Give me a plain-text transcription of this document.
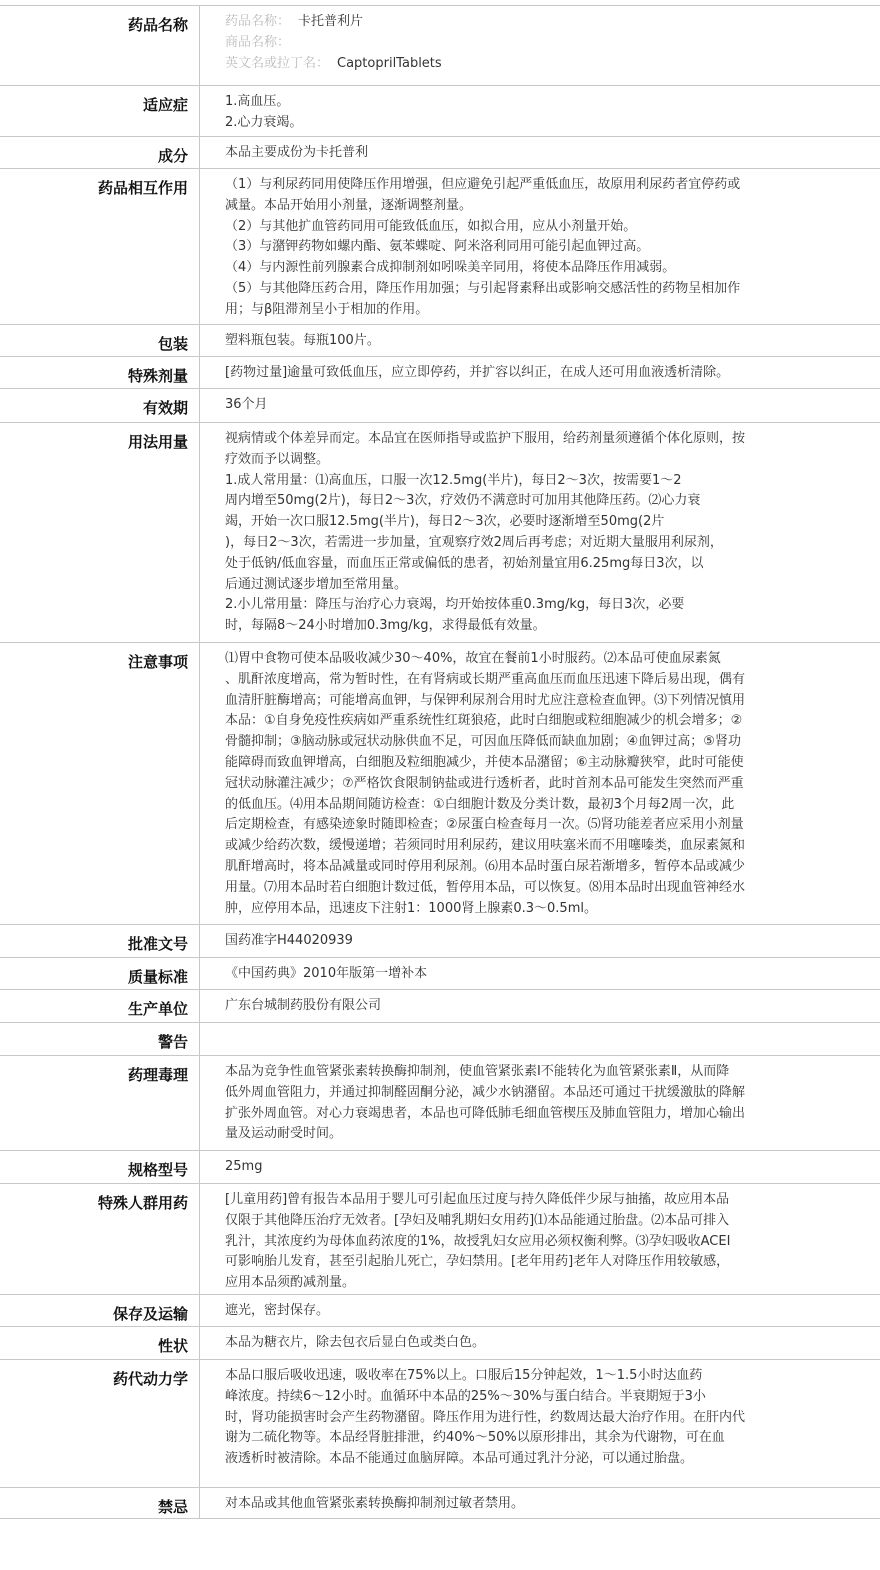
药品名称	药品名称： 卡托普利片

商品名称：

英文名或拉丁名： CaptoprilTablets

适应症	1.高血压。

2.心力衰竭。

成分	本品主要成份为卡托普利

药品相互作用	（1）与利尿药同用使降压作用增强，但应避免引起严重低血压，故原用利尿药者宜停药或

减量。本品开始用小剂量，逐渐调整剂量。

（2）与其他扩血管药同用可能致低血压，如拟合用，应从小剂量开始。

（3）与潴钾药物如螺内酯、氨苯蝶啶、阿米洛利同用可能引起血钾过高。

（4）与内源性前列腺素合成抑制剂如吲哚美辛同用，将使本品降压作用减弱。

（5）与其他降压药合用，降压作用加强；与引起肾素释出或影响交感活性的药物呈相加作

用；与β阻滞剂呈小于相加的作用。

包装	塑料瓶包装。每瓶100片。

特殊剂量	[药物过量]逾量可致低血压，应立即停药，并扩容以纠正，在成人还可用血液透析清除。

有效期	36个月

用法用量	视病情或个体差异而定。本品宜在医师指导或监护下服用，给药剂量须遵循个体化原则，按

疗效而予以调整。

1.成人常用量：⑴高血压，口服一次12.5mg(半片)，每日2～3次，按需要1～2

周内增至50mg(2片)，每日2～3次，疗效仍不满意时可加用其他降压药。⑵心力衰

竭，开始一次口服12.5mg(半片)，每日2～3次，必要时逐渐增至50mg(2片

)，每日2～3次，若需进一步加量，宜观察疗效2周后再考虑；对近期大量服用利尿剂，

处于低钠/低血容量，而血压正常或偏低的患者，初始剂量宜用6.25mg每日3次，以

后通过测试逐步增加至常用量。

2.小儿常用量：降压与治疗心力衰竭，均开始按体重0.3mg/kg，每日3次，必要

时，每隔8～24小时增加0.3mg/kg，求得最低有效量。

注意事项	⑴胃中食物可使本品吸收减少30～40%，故宜在餐前1小时服药。⑵本品可使血尿素氮

、肌酐浓度增高，常为暂时性，在有肾病或长期严重高血压而血压迅速下降后易出现，偶有

血清肝脏酶增高；可能增高血钾，与保钾利尿剂合用时尤应注意检查血钾。⑶下列情况慎用

本品：①自身免疫性疾病如严重系统性红斑狼疮，此时白细胞或粒细胞减少的机会增多；②

骨髓抑制；③脑动脉或冠状动脉供血不足，可因血压降低而缺血加剧；④血钾过高；⑤肾功

能障碍而致血钾增高，白细胞及粒细胞减少，并使本品潴留；⑥主动脉瓣狭窄，此时可能使

冠状动脉灌注减少；⑦严格饮食限制钠盐或进行透析者，此时首剂本品可能发生突然而严重

的低血压。⑷用本品期间随访检查：①白细胞计数及分类计数，最初3个月每2周一次，此

后定期检查，有感染迹象时随即检查；②尿蛋白检查每月一次。⑸肾功能差者应采用小剂量

或减少给药次数，缓慢递增；若须同时用利尿药，建议用呋塞米而不用噻嗪类，血尿素氮和

肌酐增高时，将本品减量或同时停用利尿剂。⑹用本品时蛋白尿若渐增多，暂停本品或减少

用量。⑺用本品时若白细胞计数过低，暂停用本品，可以恢复。⑻用本品时出现血管神经水

肿，应停用本品，迅速皮下注射1：1000肾上腺素0.3～0.5ml。

批准文号	国药准字H44020939

质量标准	《中国药典》2010年版第一增补本

生产单位	广东台城制药股份有限公司

警告
药理毒理	本品为竞争性血管紧张素转换酶抑制剂，使血管紧张素Ⅰ不能转化为血管紧张素Ⅱ，从而降

低外周血管阻力，并通过抑制醛固酮分泌，减少水钠潴留。本品还可通过干扰缓激肽的降解

扩张外周血管。对心力衰竭患者，本品也可降低肺毛细血管楔压及肺血管阻力，增加心输出

量及运动耐受时间。

规格型号	25mg

特殊人群用药	[儿童用药]曾有报告本品用于婴儿可引起血压过度与持久降低伴少尿与抽搐，故应用本品

仅限于其他降压治疗无效者。[孕妇及哺乳期妇女用药]⑴本品能通过胎盘。⑵本品可排入

乳汁，其浓度约为母体血药浓度的1%，故授乳妇女应用必须权衡利弊。⑶孕妇吸收ACEI

可影响胎儿发育，甚至引起胎儿死亡，孕妇禁用。[老年用药]老年人对降压作用较敏感，

应用本品须酌减剂量。

保存及运输	遮光，密封保存。

性状	本品为糖衣片，除去包衣后显白色或类白色。

药代动力学	本品口服后吸收迅速，吸收率在75%以上。口服后15分钟起效，1～1.5小时达血药

峰浓度。持续6～12小时。血循环中本品的25%～30%与蛋白结合。半衰期短于3小

时，肾功能损害时会产生药物潴留。降压作用为进行性，约数周达最大治疗作用。在肝内代

谢为二硫化物等。本品经肾脏排泄，约40%～50%以原形排出，其余为代谢物，可在血

液透析时被清除。本品不能通过血脑屏障。本品可通过乳汁分泌，可以通过胎盘。

禁忌	对本品或其他血管紧张素转换酶抑制剂过敏者禁用。
